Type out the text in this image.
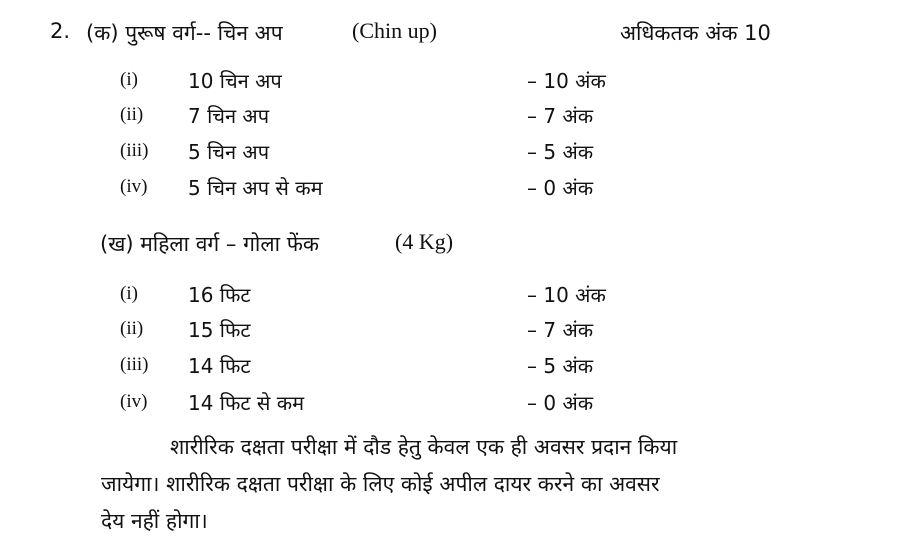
2. (क) पुरूष वर्ग-- चिन अप	(Chin up)	अधिकतक अंक 10
(i)	10 चिन अप	– 10 अंक
(ii) 7 चिन अप	– 7 अंक
(iii) 5 चिन अप	– 5 अंक
(iv) 5 चिन अप से कम	– 0 अंक
(ख) महिला वर्ग – गोला फेंक	(4 Kg)
(i)	16 फिट	– 10 अंक
(ii) 15 फिट	– 7 अंक
(iii) 14 फिट	– 5 अंक
(iv) 14 फिट से कम	– 0 अंक
शारीरिक दक्षता परीक्षा में दौड हेतु केवल एक ही अवसर प्रदान किया
जायेगा। शारीरिक दक्षता परीक्षा के लिए कोई अपील दायर करने का अवसर
देय नहीं होगा।
